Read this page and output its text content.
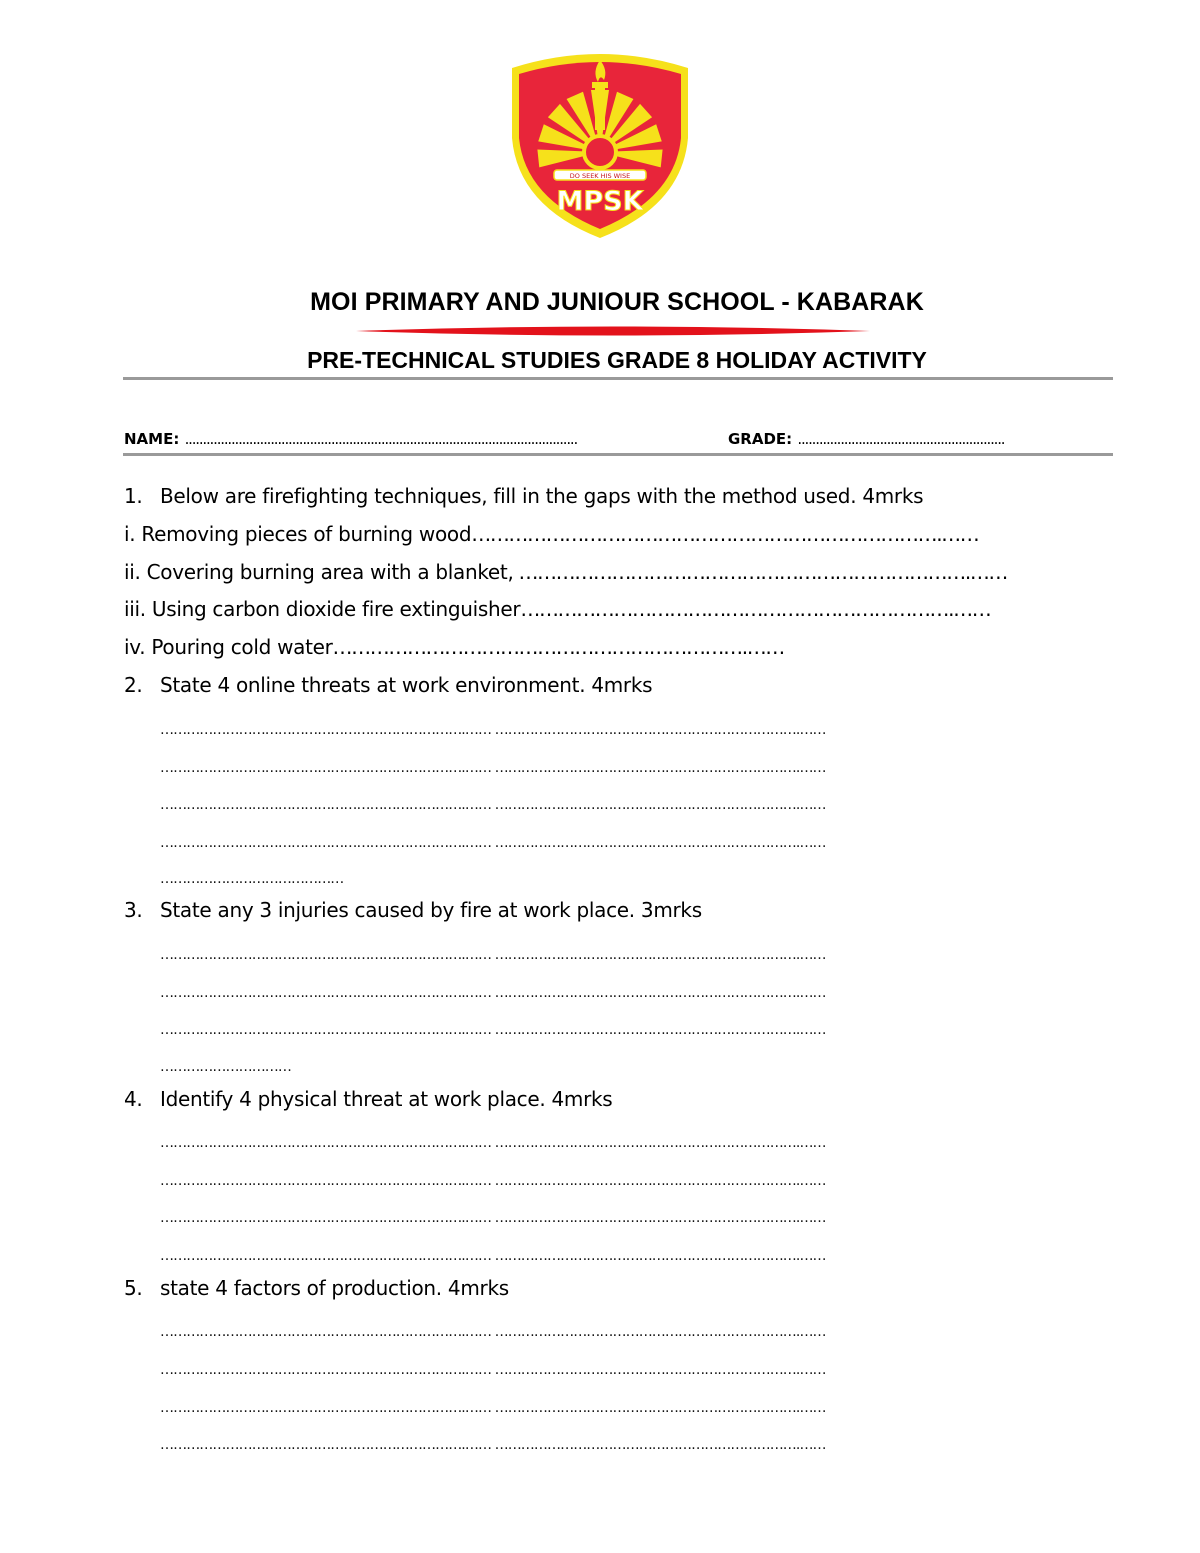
DO SEEK HIS WISE
MPSK
MOI PRIMARY AND JUNIOUR SCHOOL - KABARAK
PRE-TECHNICAL STUDIES GRADE 8 HOLIDAY ACTIVITY
NAME: ..............................................................................................................	GRADE: ..........................................................
1. Below are firefighting techniques, fill in the gaps with the method used. 4mrks
i. Removing pieces of burning wood………………………………………………………………….……
ii. Covering burning area with a blanket, ……………………………………………………………….……
iii. Using carbon dioxide fire extinguisher…………………………………………………………….……
iv. Pouring cold water………………………………………………………….……
2. State 4 online threats at work environment. 4mrks
…………………………………………………………….…… …………………………………………………………….……
…………………………………………………………….…… …………………………………………………………….……
…………………………………………………………….…… …………………………………………………………….……
…………………………………………………………….…… …………………………………………………………….……
……………………………………
3. State any 3 injuries caused by fire at work place. 3mrks
…………………………………………………………….…… …………………………………………………………….……
…………………………………………………………….…… …………………………………………………………….……
…………………………………………………………….…… …………………………………………………………….……
…………………………
4. Identify 4 physical threat at work place. 4mrks
…………………………………………………………….…… …………………………………………………………….……
…………………………………………………………….…… …………………………………………………………….……
…………………………………………………………….…… …………………………………………………………….……
…………………………………………………………….…… …………………………………………………………….……
5. state 4 factors of production. 4mrks
…………………………………………………………….…… …………………………………………………………….……
…………………………………………………………….…… …………………………………………………………….……
…………………………………………………………….…… …………………………………………………………….……
…………………………………………………………….…… …………………………………………………………….……
